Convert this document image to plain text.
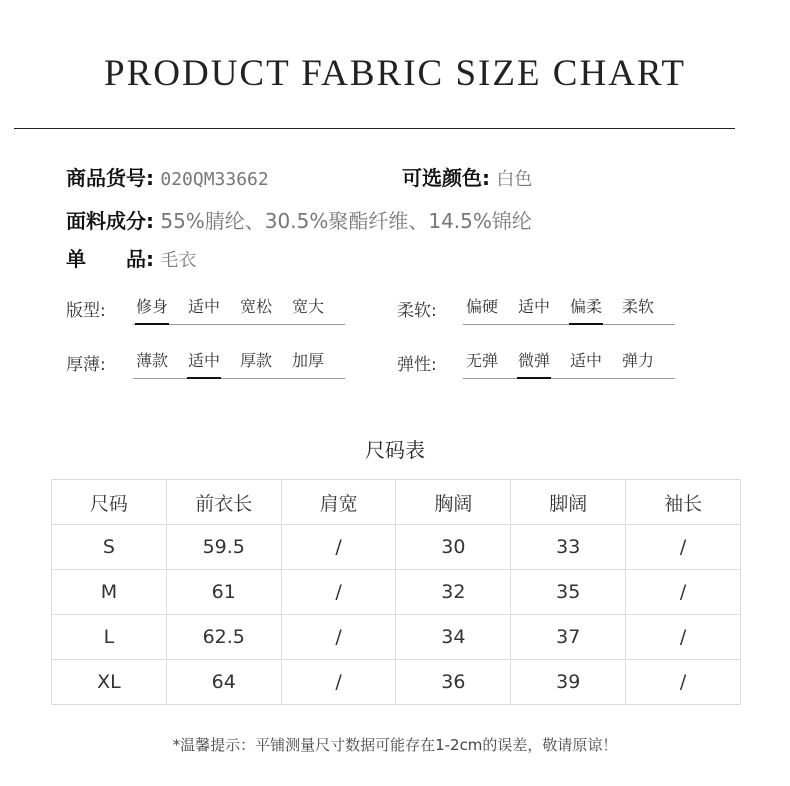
PRODUCT FABRIC SIZE CHART
商品货号: 020QM33662	可选颜色: 白色
面料成分: 55%腈纶、30.5%聚酯纤维、14.5%锦纶
单　　品: 毛衣
版型: 修身 适中 宽松 宽大	柔软: 偏硬 适中 偏柔 柔软
厚薄: 薄款 适中 厚款 加厚	弹性: 无弹 微弹 适中 弹力
尺码表
尺码	前衣长	肩宽	胸阔	脚阔	袖长
S	59.5	/	30	33	/
M	61	/	32	35	/
L	62.5	/	34	37	/
XL	64	/	36	39	/
*温馨提示：平铺测量尺寸数据可能存在1-2cm的误差，敬请原谅！
